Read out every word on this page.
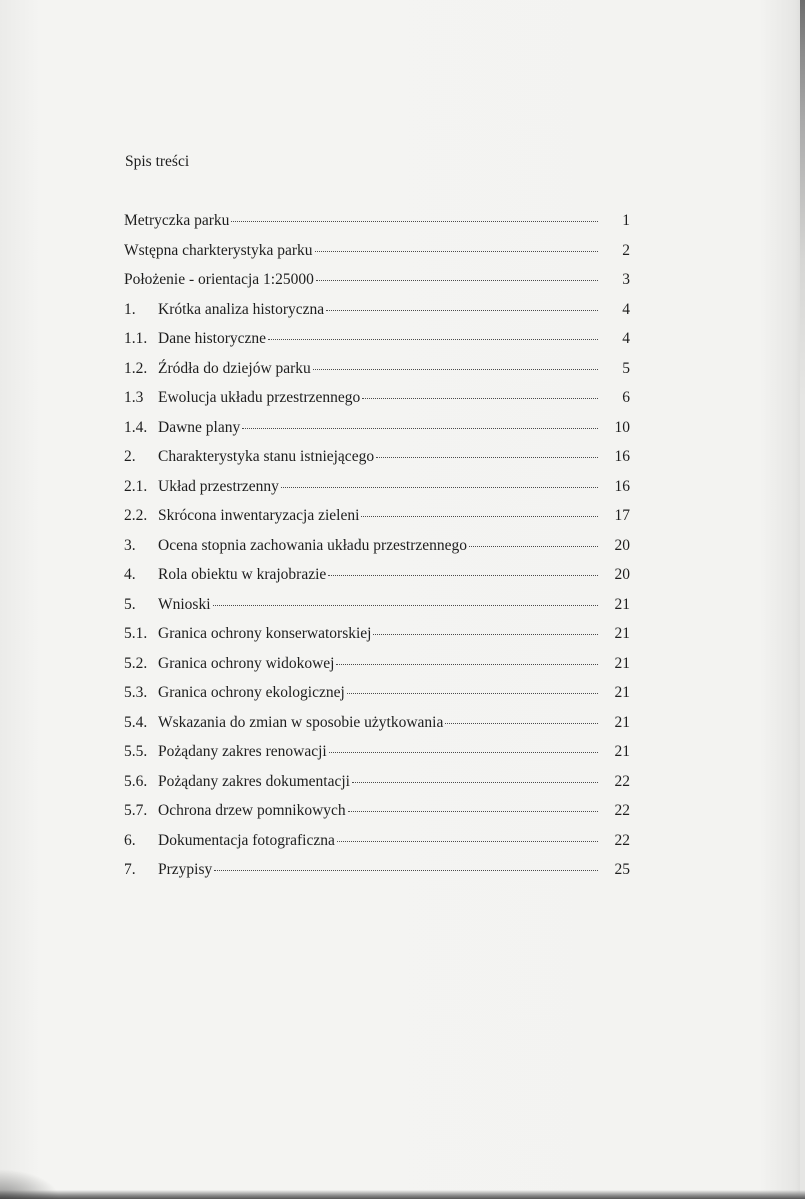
Spis treści
Metryczka parku	1
Wstępna charkterystyka parku	2
Położenie - orientacja 1:25000	3
1.	Krótka analiza historyczna	4
1.1. Dane historyczne	4
1.2. Źródła do dziejów parku	5
1.3 Ewolucja układu przestrzennego	6
1.4. Dawne plany	10
2.	Charakterystyka stanu istniejącego	16
2.1. Układ przestrzenny	16
2.2. Skrócona inwentaryzacja zieleni	17
3.	Ocena stopnia zachowania układu przestrzennego	20
4.	Rola obiektu w krajobrazie	20
5.	Wnioski	21
5.1. Granica ochrony konserwatorskiej	21
5.2. Granica ochrony widokowej	21
5.3. Granica ochrony ekologicznej	21
5.4. Wskazania do zmian w sposobie użytkowania	21
5.5. Pożądany zakres renowacji	21
5.6. Pożądany zakres dokumentacji	22
5.7. Ochrona drzew pomnikowych	22
6.	Dokumentacja fotograficzna	22
7.	Przypisy	25
